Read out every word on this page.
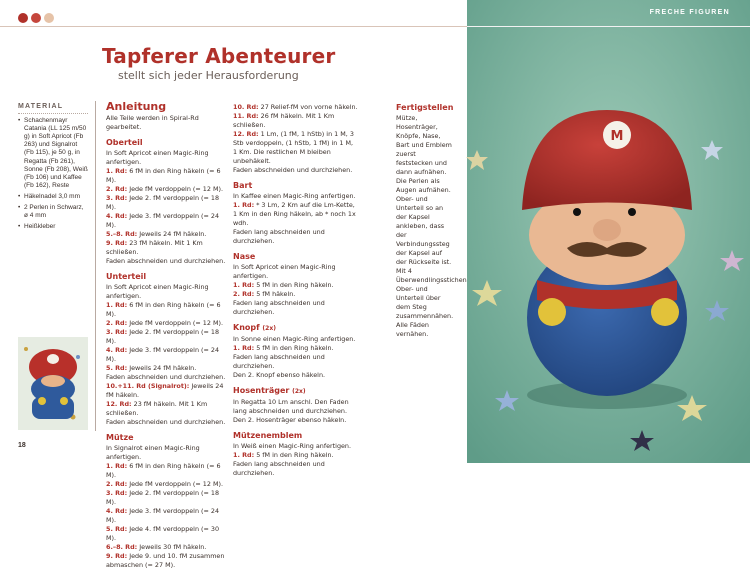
Tapferer Abenteurer
stellt sich jeder Herausforderung
MATERIAL
• Schachenmayr Catania (LL 125 m/50 g) in Soft Apricot (Fb 263) und Signalrot (Fb 115), je 50 g, in Regatta (Fb 261), Sonne (Fb 208), Weiß (Fb 106) und Kaffee (Fb 162), Reste
• Häkelnadel 3,0 mm
• 2 Perlen in Schwarz, ø 4 mm
• Heißkleber
18
Anleitung

Alle Teile werden in Spiral-Rd gearbeitet.

Oberteil

In Soft Apricot einen Magic-Ring anfertigen.

1. Rd: 6 fM in den Ring häkeln (= 6 M).

2. Rd: Jede fM verdoppeln (= 12 M).

3. Rd: Jede 2. fM verdoppeln (= 18 M).

4. Rd: Jede 3. fM verdoppeln (= 24 M).

5.–8. Rd: Jeweils 24 fM häkeln.

9. Rd: 23 fM häkeln. Mit 1 Km schließen.

Faden abschneiden und durchziehen.

Unterteil

In Soft Apricot einen Magic-Ring anfertigen.

1. Rd: 6 fM in den Ring häkeln (= 6 M).

2. Rd: Jede fM verdoppeln (= 12 M).

3. Rd: Jede 2. fM verdoppeln (= 18 M).

4. Rd: Jede 3. fM verdoppeln (= 24 M).

5. Rd: Jeweils 24 fM häkeln.

Faden abschneiden und durchziehen.

10.+11. Rd (Signalrot): Jeweils 24 fM häkeln.

12. Rd: 23 fM häkeln. Mit 1 Km schließen.

Faden abschneiden und durchziehen.

Mütze

In Signalrot einen Magic-Ring anfertigen.

1. Rd: 6 fM in den Ring häkeln (= 6 M).

2. Rd: Jede fM verdoppeln (= 12 M).

3. Rd: Jede 2. fM verdoppeln (= 18 M).

4. Rd: Jede 3. fM verdoppeln (= 24 M).

5. Rd: Jede 4. fM verdoppeln (= 30 M).

6.–8. Rd: Jeweils 30 fM häkeln.

9. Rd: Jede 9. und 10. fM zusammen abmaschen (= 27 M).

10. Rd: 27 Relief-fM von vorne häkeln.

11. Rd: 26 fM häkeln. Mit 1 Km schließen.

12. Rd: 1 Lm, (1 fM, 1 hStb) in 1 M, 3 Stb verdoppeln, (1 hStb, 1 fM) in 1 M, 1 Km. Die restlichen M bleiben unbehäkelt.

Faden abschneiden und durchziehen.

Bart

In Kaffee einen Magic-Ring anfertigen.

1. Rd: * 3 Lm, 2 Km auf die Lm-Kette, 1 Km in den Ring häkeln, ab * noch 1x wdh.

Faden lang abschneiden und durchziehen.

Nase

In Soft Apricot einen Magic-Ring anfertigen.

1. Rd: 5 fM in den Ring häkeln.

2. Rd: 5 fM häkeln.

Faden lang abschneiden und durchziehen.

Knopf (2x)

In Sonne einen Magic-Ring anfertigen.

1. Rd: 5 fM in den Ring häkeln.

Faden lang abschneiden und durchziehen.

Den 2. Knopf ebenso häkeln.

Hosenträger (2x)

In Regatta 10 Lm anschl. Den Faden lang abschneiden und durchziehen.

Den 2. Hosenträger ebenso häkeln.

Mützenemblem

In Weiß einen Magic-Ring anfertigen.

1. Rd: 5 fM in den Ring häkeln.

Faden lang abschneiden und durchziehen.

Fertigstellen

Mütze, Hosenträger, Knöpfe, Nase, Bart und Emblem zuerst feststecken und dann aufnähen. Die Perlen als Augen aufnähen. Ober- und Unterteil so an der Kapsel ankleben, dass der Verbindungssteg der Kapsel auf der Rückseite ist. Mit 4 Überwendlingsstichen Ober- und Unterteil über dem Steg zusammennähen. Alle Fäden vernähen.

M
FRECHE FIGUREN
